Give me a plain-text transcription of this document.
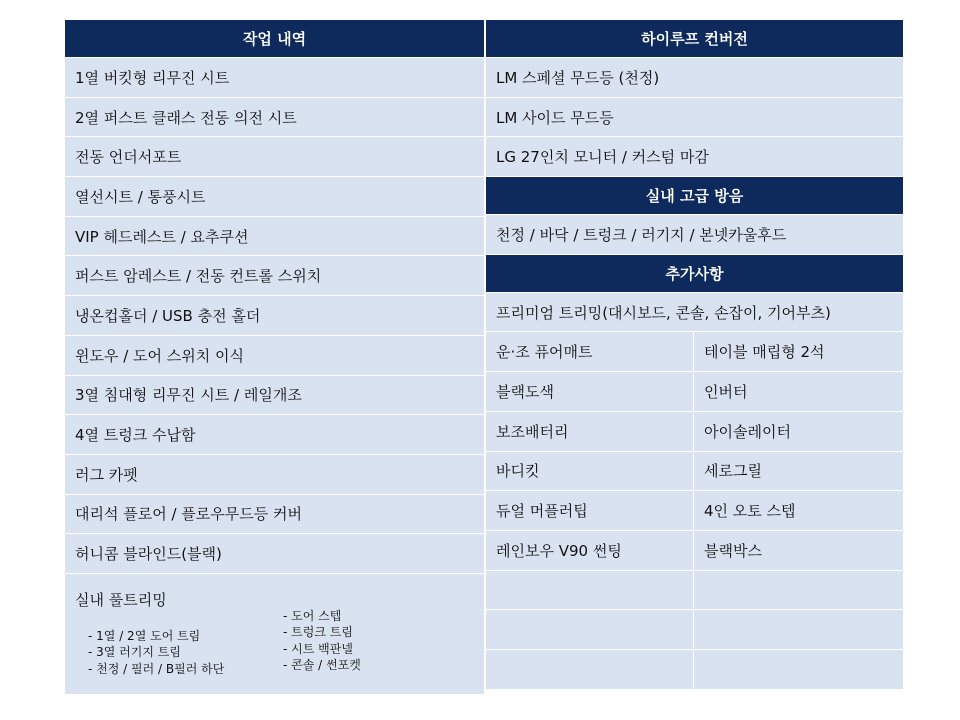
작업 내역
1열 버킷형 리무진 시트
2열 퍼스트 클래스 전동 의전 시트
전동 언더서포트
열선시트 / 통풍시트
VIP 헤드레스트 / 요추쿠션
퍼스트 암레스트 / 전동 컨트롤 스위치
냉온컵홀더 / USB 충전 홀더
윈도우 / 도어 스위치 이식
3열 침대형 리무진 시트 / 레일개조
4열 트렁크 수납함
러그 카펫
대리석 플로어 / 플로우무드등 커버
허니콤 블라인드(블랙)
실내 풀트리밍
- 1열 / 2열 도어 트림
- 3열 러기지 트림
- 천정 / 필러 / B필러 하단
- 도어 스텝
- 트렁크 트림
- 시트 백판넬
- 콘솔 / 썬포켓
하이루프 컨버전
LM 스페셜 무드등 (천정)
LM 사이드 무드등
LG 27인치 모니터 / 커스텀 마감
실내 고급 방음
천정 / 바닥 / 트렁크 / 러기지 / 본넷카울후드
추가사항
프리미엄 트리밍(대시보드, 콘솔, 손잡이, 기어부츠)
운·조 퓨어매트	테이블 매립형 2석
블랙도색	인버터
보조배터리	아이솔레이터
바디킷	세로그릴
듀얼 머플러팁	4인 오토 스텝
레인보우 V90 썬팅	블랙박스
